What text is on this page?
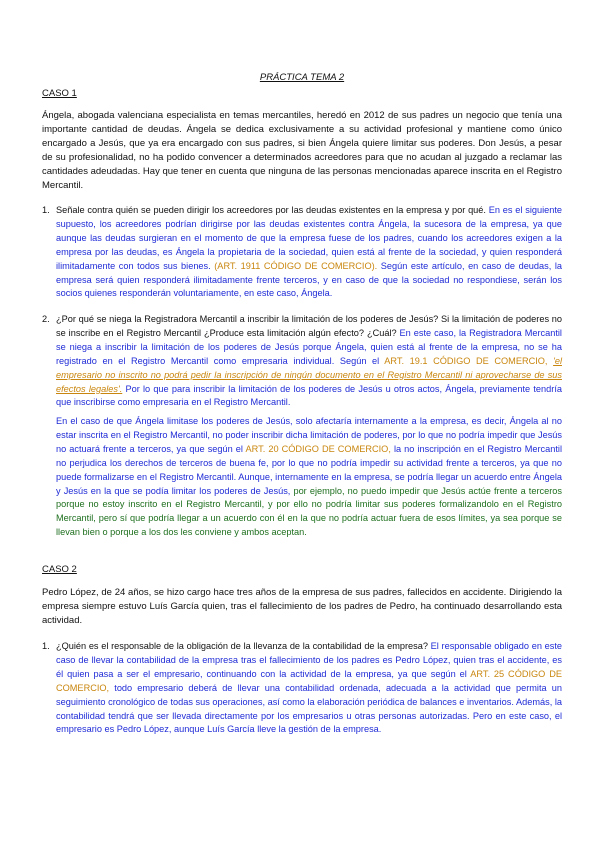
PRÁCTICA TEMA 2
CASO 1

Ángela, abogada valenciana especialista en temas mercantiles, heredó en 2012 de sus padres un negocio que tenía una importante cantidad de deudas. Ángela se dedica exclusivamente a su actividad profesional y mantiene como único encargado a Jesús, que ya era encargado con sus padres, si bien Ángela quiere limitar sus poderes. Don Jesús, a pesar de su profesionalidad, no ha podido convencer a determinados acreedores para que no acudan al juzgado a reclamar las cantidades adeudadas. Hay que tener en cuenta que ninguna de las personas mencionadas aparece inscrita en el Registro Mercantil.

1. Señale contra quién se pueden dirigir los acreedores por las deudas existentes en la empresa y por qué. En es el siguiente supuesto, los acreedores podrían dirigirse por las deudas existentes contra Ángela, la sucesora de la empresa, ya que aunque las deudas surgieran en el momento de que la empresa fuese de los padres, cuando los acreedores exigen a la empresa por las deudas, es Ángela la propietaria de la sociedad, quien está al frente de la sociedad, y quien responderá ilimitadamente con todos sus bienes. (ART. 1911 CÓDIGO DE COMERCIO). Según este artículo, en caso de deudas, la empresa será quien responderá ilimitadamente frente terceros, y en caso de que la sociedad no respondiese, serán los socios quienes responderán voluntariamente, en este caso, Ángela.
2. ¿Por qué se niega la Registradora Mercantil a inscribir la limitación de los poderes de Jesús? Si la limitación de poderes no se inscribe en el Registro Mercantil ¿Produce esta limitación algún efecto? ¿Cuál? En este caso, la Registradora Mercantil se niega a inscribir la limitación de los poderes de Jesús porque Ángela, quien está al frente de la empresa, no se ha registrado en el Registro Mercantil como empresaria individual. Según el ART. 19.1 CÓDIGO DE COMERCIO, 'el empresario no inscrito no podrá pedir la inscripción de ningún documento en el Registro Mercantil ni aprovecharse de sus efectos legales'. Por lo que para inscribir la limitación de los poderes de Jesús u otros actos, Ángela, previamente tendría que inscribirse como empresaria en el Registro Mercantil.

En el caso de que Ángela limitase los poderes de Jesús, solo afectaría internamente a la empresa, es decir, Ángela al no estar inscrita en el Registro Mercantil, no poder inscribir dicha limitación de poderes, por lo que no podría impedir que Jesús no actuará frente a terceros, ya que según el ART. 20 CÓDIGO DE COMERCIO, la no inscripción en el Registro Mercantil no perjudica los derechos de terceros de buena fe, por lo que no podría impedir su actividad frente a terceros, ya que no puede formalizarse en el Registro Mercantil. Aunque, internamente en la empresa, se podría llegar un acuerdo entre Ángela y Jesús en la que se podía limitar los poderes de Jesús, por ejemplo, no puedo impedir que Jesús actúe frente a terceros porque no estoy inscrito en el Registro Mercantil, y por ello no podría limitar sus poderes formalizandolo en el Registro Mercantil, pero sí que podría llegar a un acuerdo con él en la que no podría actuar fuera de esos límites, ya sea porque se llevan bien o porque a los dos les conviene y ambos aceptan.

CASO 2

Pedro López, de 24 años, se hizo cargo hace tres años de la empresa de sus padres, fallecidos en accidente. Dirigiendo la empresa siempre estuvo Luís García quien, tras el fallecimiento de los padres de Pedro, ha continuado desarrollando esta actividad.

1. ¿Quién es el responsable de la obligación de la llevanza de la contabilidad de la empresa? El responsable obligado en este caso de llevar la contabilidad de la empresa tras el fallecimiento de los padres es Pedro López, quien tras el accidente, es él quien pasa a ser el empresario, continuando con la actividad de la empresa, ya que según el ART. 25 CÓDIGO DE COMERCIO, todo empresario deberá de llevar una contabilidad ordenada, adecuada a la actividad que permita un seguimiento cronológico de todas sus operaciones, así como la elaboración periódica de balances e inventarios. Además, la contabilidad tendrá que ser llevada directamente por los empresarios u otras personas autorizadas. Pero en este caso, el empresario es Pedro López, aunque Luís García lleve la gestión de la empresa.
